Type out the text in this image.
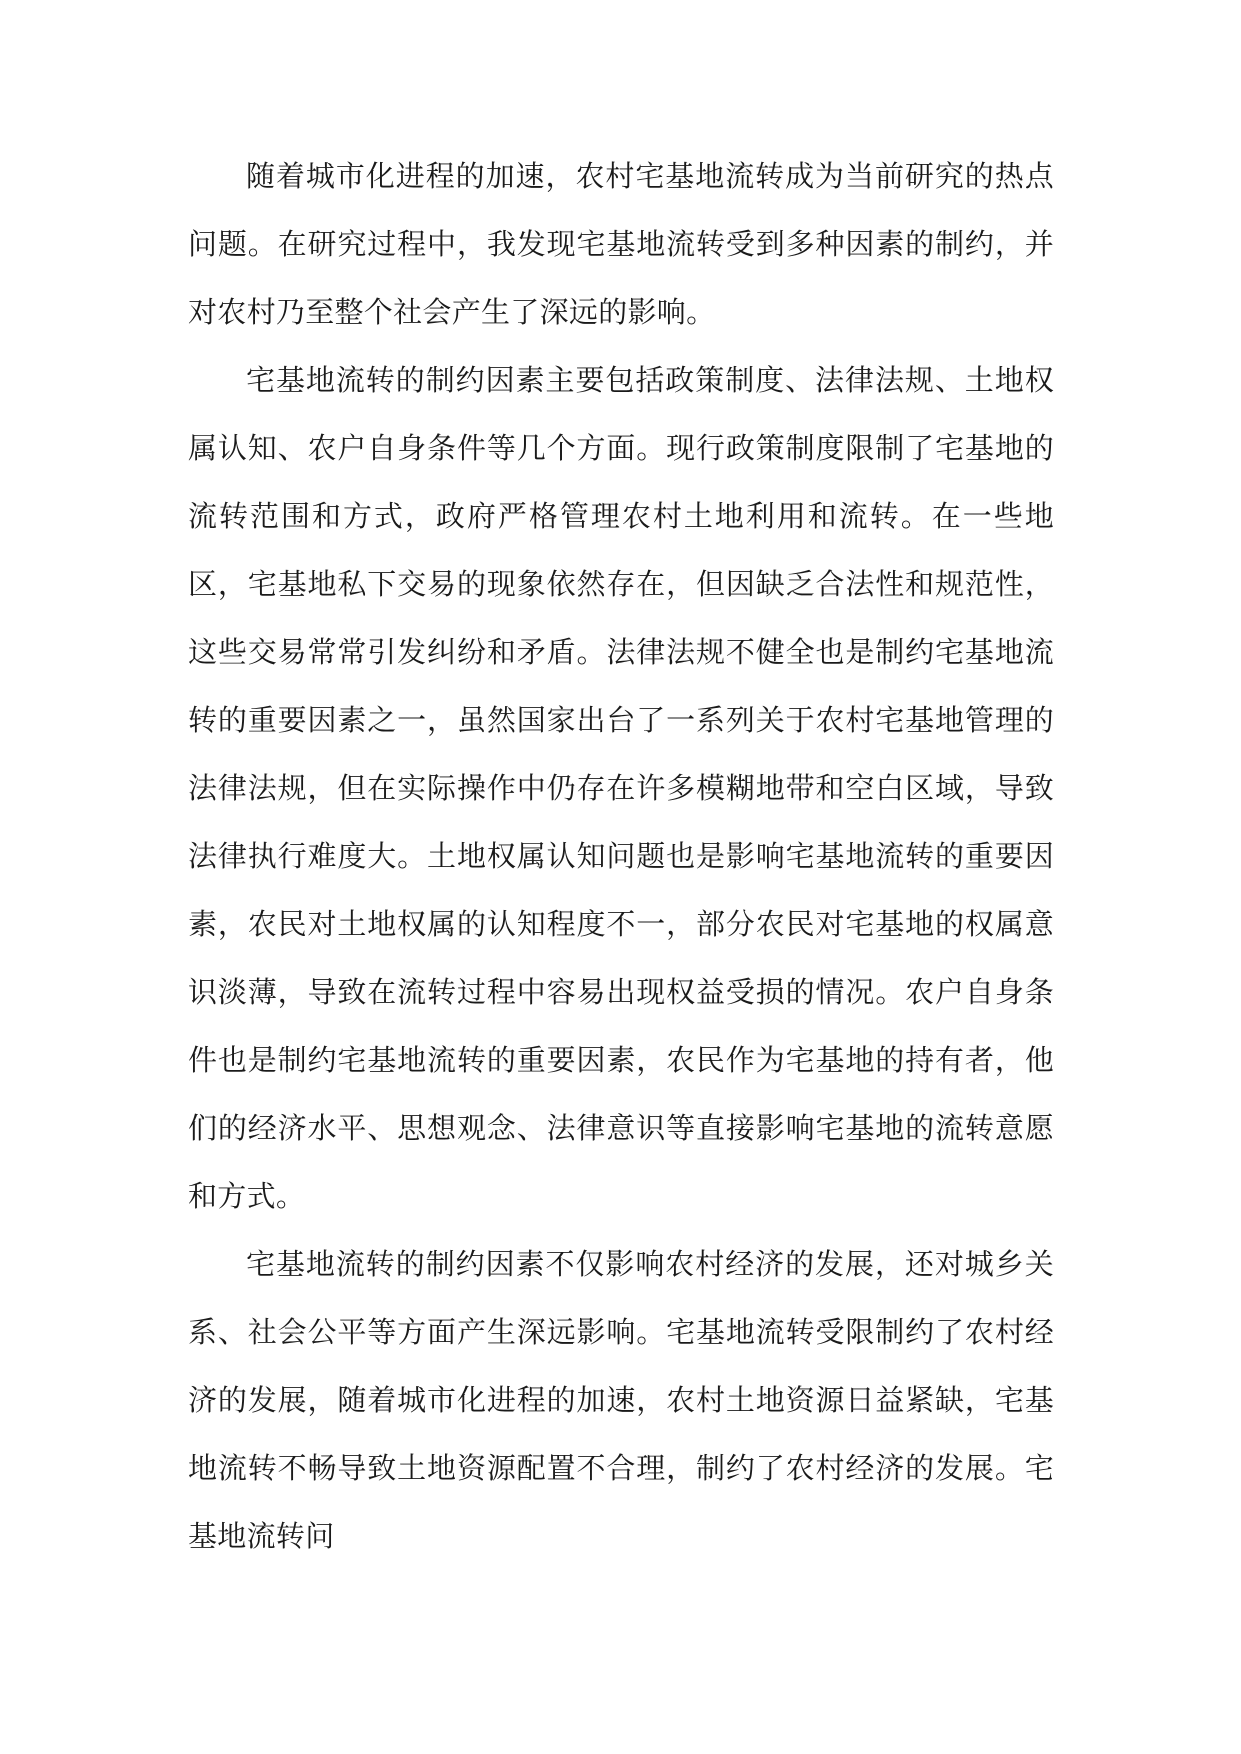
随着城市化进程的加速，农村宅基地流转成为当前研究的热点问题。在研究过程中，我发现宅基地流转受到多种因素的制约，并对农村乃至整个社会产生了深远的影响。

宅基地流转的制约因素主要包括政策制度、法律法规、土地权属认知、农户自身条件等几个方面。现行政策制度限制了宅基地的流转范围和方式，政府严格管理农村土地利用和流转。在一些地区，宅基地私下交易的现象依然存在，但因缺乏合法性和规范性，这些交易常常引发纠纷和矛盾。法律法规不健全也是制约宅基地流转的重要因素之一，虽然国家出台了一系列关于农村宅基地管理的法律法规，但在实际操作中仍存在许多模糊地带和空白区域，导致法律执行难度大。土地权属认知问题也是影响宅基地流转的重要因素，农民对土地权属的认知程度不一，部分农民对宅基地的权属意识淡薄，导致在流转过程中容易出现权益受损的情况。农户自身条件也是制约宅基地流转的重要因素，农民作为宅基地的持有者，他们的经济水平、思想观念、法律意识等直接影响宅基地的流转意愿和方式。

宅基地流转的制约因素不仅影响农村经济的发展，还对城乡关系、社会公平等方面产生深远影响。宅基地流转受限制约了农村经济的发展，随着城市化进程的加速，农村土地资源日益紧缺，宅基地流转不畅导致土地资源配置不合理，制约了农村经济的发展。宅基地流转问
